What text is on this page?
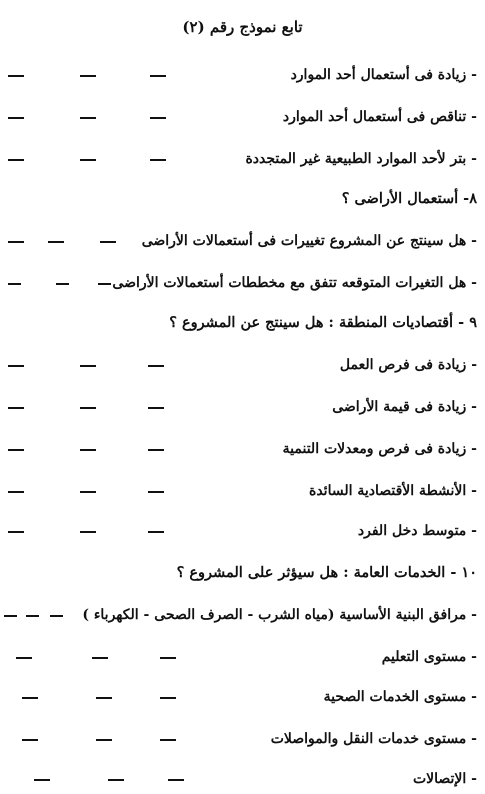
تابع نموذج رقم (٢)
- زيادة فى أستعمال أحد الموارد
- تناقص فى أستعمال أحد الموارد
- بتر لأحد الموارد الطبيعية غير المتجددة
٨- أستعمال الأراضى ؟
- هل سينتج عن المشروع تغييرات فى أستعمالات الأراضى
- هل التغيرات المتوقعه تتفق مع مخططات أستعمالات الأراضى
٩ - أقتصاديات المنطقة : هل سينتج عن المشروع ؟
- زيادة فى فرص العمل
- زيادة فى قيمة الأراضى
- زيادة فى فرص ومعدلات التنمية
- الأنشطة الأقتصادية السائدة
- متوسط دخل الفرد
١٠ - الخدمات العامة : هل سيؤثر على المشروع ؟
- مرافق البنية الأساسية (مياه الشرب - الصرف الصحى - الكهرباء )
- مستوى التعليم
- مستوى الخدمات الصحية
- مستوى خدمات النقل والمواصلات
- الإتصالات
